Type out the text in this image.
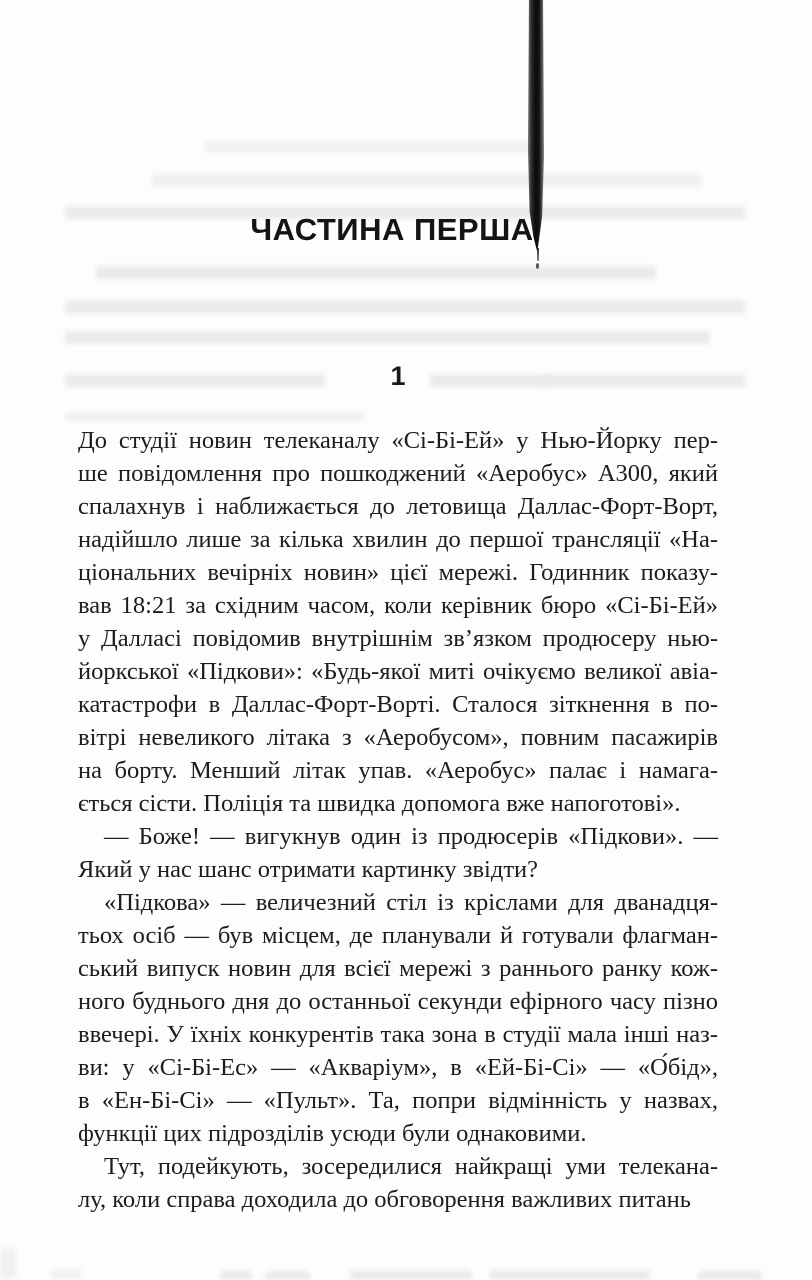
ЧАСТИНА ПЕРША
1
До студії новин телеканалу «Сі-Бі-Ей» у Нью-Йорку пер-
ше повідомлення про пошкоджений «Аеробус» А300, який
спалахнув і наближається до летовища Даллас-Форт-Ворт,
надійшло лише за кілька хвилин до першої трансляції «На-
ціональних вечірніх новин» цієї мережі. Годинник показу-
вав 18:21 за східним часом, коли керівник бюро «Сі-Бі-Ей»
у Далласі повідомив внутрішнім зв’язком продюсеру нью-
йоркської «Підкови»: «Будь-якої миті очікуємо великої авіа-
катастрофи в Даллас-Форт-Ворті. Сталося зіткнення в по-
вітрі невеликого літака з «Аеробусом», повним пасажирів
на борту. Менший літак упав. «Аеробус» палає і намага-
ється сісти. Поліція та швидка допомога вже напоготові».
— Боже! — вигукнув один із продюсерів «Підкови». —
Який у нас шанс отримати картинку звідти?
«Підкова» — величезний стіл із кріслами для дванадця-
тьох осіб — був місцем, де планували й готували флагман-
ський випуск новин для всієї мережі з раннього ранку кож-
ного буднього дня до останньої секунди ефірного часу пізно
ввечері. У їхніх конкурентів така зона в студії мала інші наз-
ви: у «Сі-Бі-Ес» — «Акваріум», в «Ей-Бі-Сі» — «О́бід»,
в «Ен-Бі-Сі» — «Пульт». Та, попри відмінність у назвах,
функції цих підрозділів усюди були однаковими.
Тут, подейкують, зосередилися найкращі уми телекана-
лу, коли справа доходила до обговорення важливих питань
